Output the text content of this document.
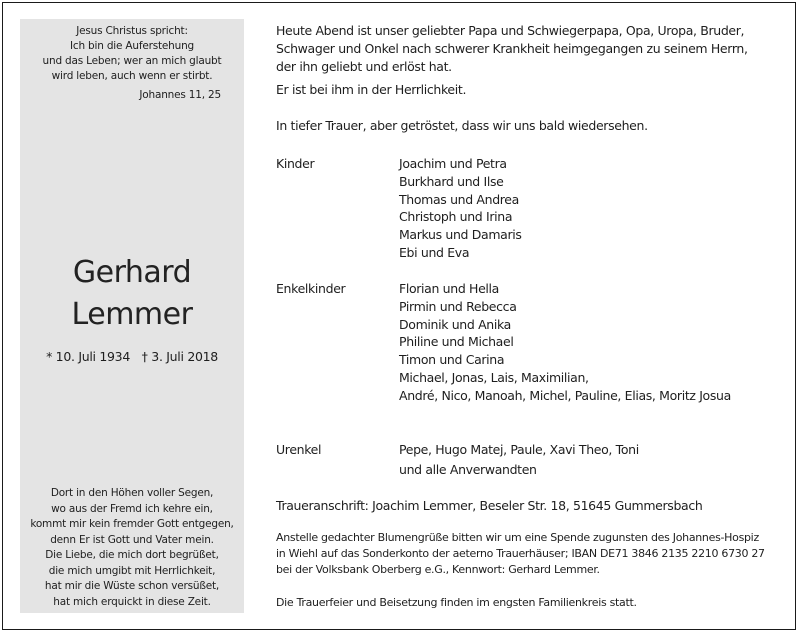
Jesus Christus spricht:
Ich bin die Auferstehung
und das Leben; wer an mich glaubt
wird leben, auch wenn er stirbt.
Johannes 11, 25
Gerhard
Lemmer
* 10. Juli 1934 † 3. Juli 2018
Dort in den Höhen voller Segen,
wo aus der Fremd ich kehre ein,
kommt mir kein fremder Gott entgegen,
denn Er ist Gott und Vater mein.
Die Liebe, die mich dort begrüßet,
die mich umgibt mit Herrlichkeit,
hat mir die Wüste schon versüßet,
hat mich erquickt in diese Zeit.
Heute Abend ist unser geliebter Papa und Schwiegerpapa, Opa, Uropa, Bruder,
Schwager und Onkel nach schwerer Krankheit heimgegangen zu seinem Herrn,
der ihn geliebt und erlöst hat.
Er ist bei ihm in der Herrlichkeit.
In tiefer Trauer, aber getröstet, dass wir uns bald wiedersehen.
Kinder	Joachim und Petra
Burkhard und Ilse
Thomas und Andrea
Christoph und Irina
Markus und Damaris
Ebi und Eva
Enkelkinder	Florian und Hella
Pirmin und Rebecca
Dominik und Anika
Philine und Michael
Timon und Carina
Michael, Jonas, Lais, Maximilian,
André, Nico, Manoah, Michel, Pauline, Elias, Moritz Josua
Urenkel	Pepe, Hugo Matej, Paule, Xavi Theo, Toni
und alle Anverwandten
Traueranschrift: Joachim Lemmer, Beseler Str. 18, 51645 Gummersbach
Anstelle gedachter Blumengrüße bitten wir um eine Spende zugunsten des Johannes-Hospiz
in Wiehl auf das Sonderkonto der aeterno Trauerhäuser; IBAN DE71 3846 2135 2210 6730 27
bei der Volksbank Oberberg e.G., Kennwort: Gerhard Lemmer.
Die Trauerfeier und Beisetzung finden im engsten Familienkreis statt.
